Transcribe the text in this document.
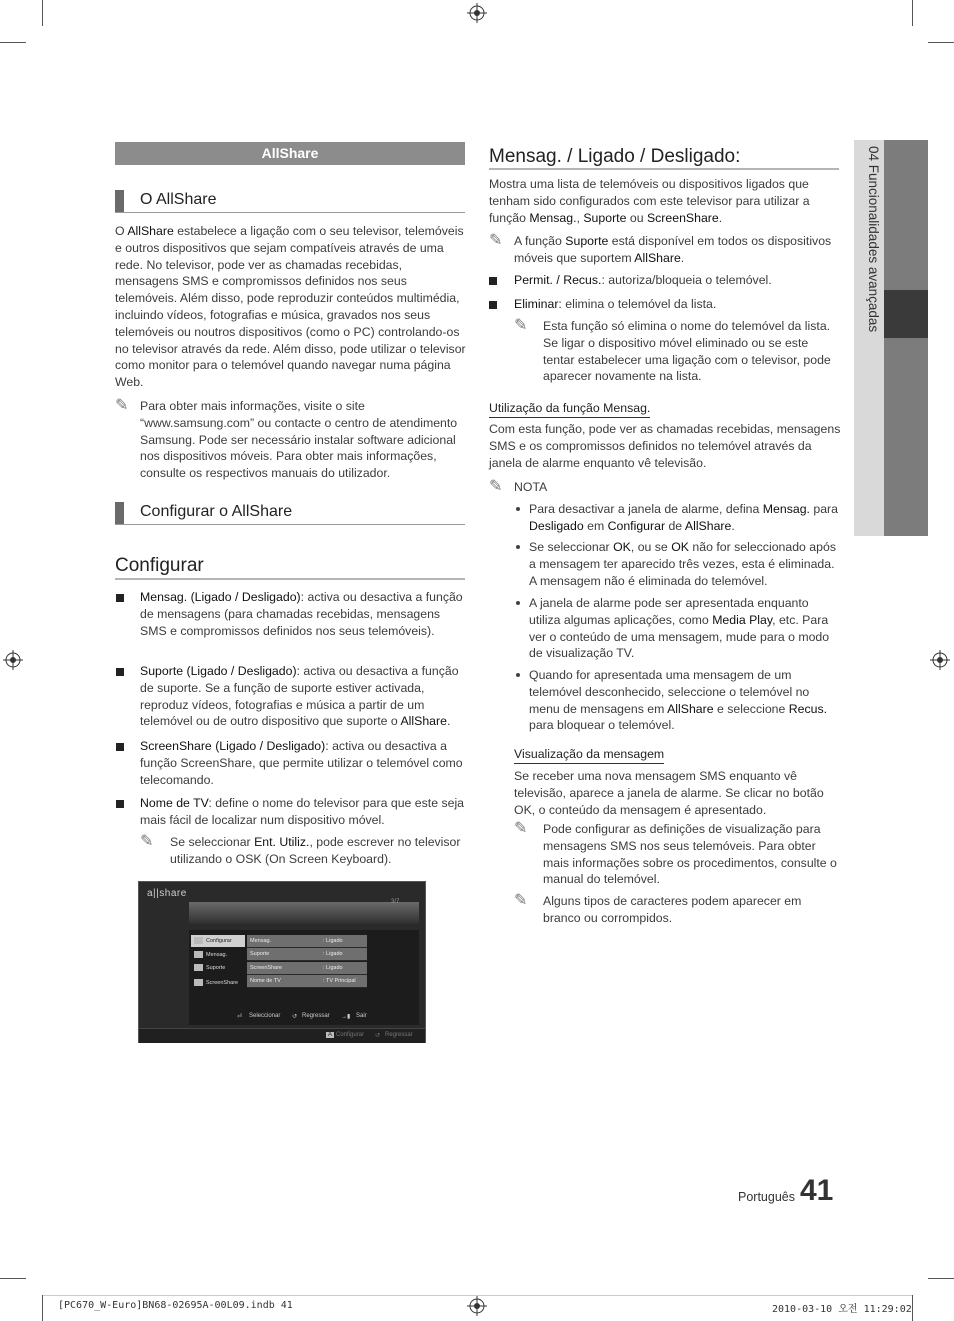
AllShare
O AllShare
O AllShare estabelece a ligação com o seu televisor, telemóveis e outros dispositivos que sejam compatíveis através de uma rede. No televisor, pode ver as chamadas recebidas, mensagens SMS e compromissos definidos nos seus telemóveis. Além disso, pode reproduzir conteúdos multimédia, incluindo vídeos, fotografias e música, gravados nos seus telemóveis ou noutros dispositivos (como o PC) controlando-os no televisor através da rede. Além disso, pode utilizar o televisor como monitor para o telemóvel quando navegar numa página Web.
✎ Para obter mais informações, visite o site “www.samsung.com” ou contacte o centro de atendimento Samsung. Pode ser necessário instalar software adicional nos dispositivos móveis. Para obter mais informações, consulte os respectivos manuais do utilizador.
Configurar o AllShare
Configurar
Mensag. (Ligado / Desligado): activa ou desactiva a função de mensagens (para chamadas recebidas, mensagens SMS e compromissos definidos nos seus telemóveis).
Suporte (Ligado / Desligado): activa ou desactiva a função de suporte. Se a função de suporte estiver activada, reproduz vídeos, fotografias e música a partir de um telemóvel ou de outro dispositivo que suporte o AllShare.
ScreenShare (Ligado / Desligado): activa ou desactiva a função ScreenShare, que permite utilizar o telemóvel como telecomando.
Nome de TV: define o nome do televisor para que este seja mais fácil de localizar num dispositivo móvel.
✎ Se seleccionar Ent. Utiliz., pode escrever no televisor utilizando o OSK (On Screen Keyboard).
a||share
3/7
Configurar
Mensag.
Suporte
ScreenShare
Mensag.	: Ligado
Suporte	: Ligado
ScreenShare	: Ligado
Nome de TV	: TV Principal
⏎ Seleccionar ↺ Regressar →▮ Sair
A Configurar ↺ Regressar
Mensag. / Ligado / Desligado:
Mostra uma lista de telemóveis ou dispositivos ligados que tenham sido configurados com este televisor para utilizar a função Mensag., Suporte ou ScreenShare.
✎ A função Suporte está disponível em todos os dispositivos móveis que suportem AllShare.
Permit. / Recus.: autoriza/bloqueia o telemóvel.
Eliminar: elimina o telemóvel da lista.
✎ Esta função só elimina o nome do telemóvel da lista. Se ligar o dispositivo móvel eliminado ou se este tentar estabelecer uma ligação com o televisor, pode aparecer novamente na lista.
Utilização da função Mensag.
Com esta função, pode ver as chamadas recebidas, mensagens SMS e os compromissos definidos no telemóvel através da janela de alarme enquanto vê televisão.
✎ NOTA
Para desactivar a janela de alarme, defina Mensag. para Desligado em Configurar de AllShare.
Se seleccionar OK, ou se OK não for seleccionado após a mensagem ter aparecido três vezes, esta é eliminada. A mensagem não é eliminada do telemóvel.
A janela de alarme pode ser apresentada enquanto utiliza algumas aplicações, como Media Play, etc. Para ver o conteúdo de uma mensagem, mude para o modo de visualização TV.
Quando for apresentada uma mensagem de um telemóvel desconhecido, seleccione o telemóvel no menu de mensagens em AllShare e seleccione Recus. para bloquear o telemóvel.
Visualização da mensagem
Se receber uma nova mensagem SMS enquanto vê televisão, aparece a janela de alarme. Se clicar no botão OK, o conteúdo da mensagem é apresentado.
✎ Pode configurar as definições de visualização para mensagens SMS nos seus telemóveis. Para obter mais informações sobre os procedimentos, consulte o manual do telemóvel.
✎ Alguns tipos de caracteres podem aparecer em branco ou corrompidos.
04 Funcionalidades avançadas
Português 41
[PC670_W-Euro]BN68-02695A-00L09.indb 41	2010-03-10 오전 11:29:02
